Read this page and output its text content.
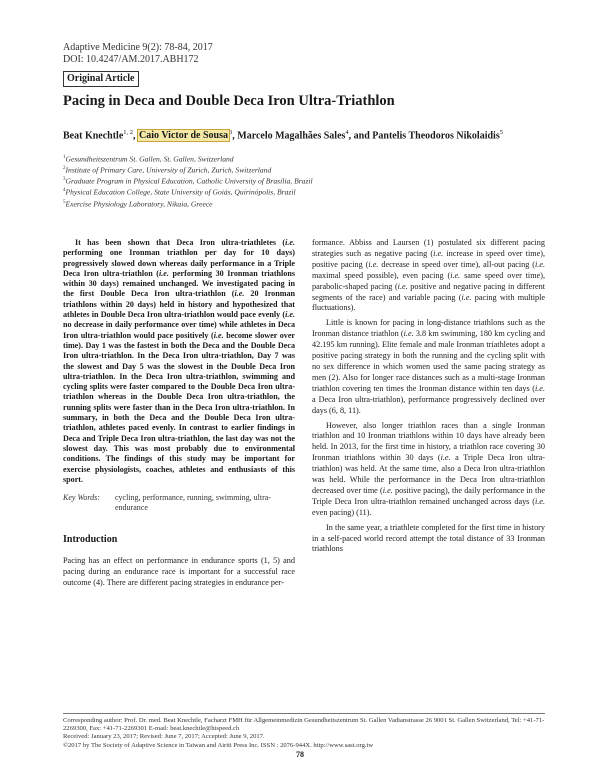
Adaptive Medicine 9(2): 78-84, 2017
DOI: 10.4247/AM.2017.ABH172
Original Article
Pacing in Deca and Double Deca Iron Ultra-Triathlon
Beat Knechtle$^{1, 2}$, Caio Victor de Sousa$^3$, Marcelo Magalhães Sales$^4$, and Pantelis Theodoros Nikolaidis$^5$
$^1$Gesundheitszentrum St. Gallen, St. Gallen, Switzerland
$^2$Institute of Primary Care, University of Zurich, Zurich, Switzerland
$^3$Graduate Program in Physical Education, Catholic University of Brasília, Brazil
$^4$Physical Education College, State University of Goiás, Quirinópolis, Brazil
$^5$Exercise Physiology Laboratory, Nikaia, Greece

It has been shown that Deca Iron ultra-triathletes (i.e. performing one Ironman triathlon per day for 10 days) progressively slowed down whereas daily performance in a Triple Deca Iron ultra-triathlon (i.e. performing 30 Ironman triathlons within 30 days) remained unchanged. We investigated pacing in the first Double Deca Iron ultra-triathlon (i.e. 20 Ironman triathlons within 20 days) held in history and hypothesized that athletes in Double Deca Iron ultra-triathlon would pace evenly (i.e. no decrease in daily performance over time) while athletes in Deca Iron ultra-triathlon would pace positively (i.e. become slower over time). Day 1 was the fastest in both the Deca and the Double Deca Iron ultra-triathlon. In the Deca Iron ultra-triathlon, Day 7 was the slowest and Day 5 was the slowest in the Double Deca Iron ultra-triathlon. In the Deca Iron ultra-triathlon, swimming and cycling splits were faster compared to the Double Deca Iron ultra-triathlon whereas in the Double Deca Iron ultra-triathlon, the running splits were faster than in the Deca Iron ultra-triathlon. In summary, in both the Deca and the Double Deca Iron ultra-triathlon, athletes paced evenly. In contrast to earlier findings in Deca and Triple Deca Iron ultra-triathlon, the last day was not the slowest day. This was most probably due to environmental conditions. The findings of this study may be important for exercise physiologists, coaches, athletes and enthusiasts of this sport.

Key Words:	cycling, performance, running, swimming, ultra-endurance
Introduction

Pacing has an effect on performance in endurance sports (1, 5) and pacing during an endurance race is important for a successful race outcome (4). There are different pacing strategies in endurance per-

formance. Abbiss and Laursen (1) postulated six different pacing strategies such as negative pacing (i.e. increase in speed over time), positive pacing (i.e. decrease in speed over time), all-out pacing (i.e. maximal speed possible), even pacing (i.e. same speed over time), parabolic-shaped pacing (i.e. positive and negative pacing in different segments of the race) and variable pacing (i.e. pacing with multiple fluctuations).

Little is known for pacing in long-distance triathlons such as the Ironman distance triathlon (i.e. 3.8 km swimming, 180 km cycling and 42.195 km running). Elite female and male Ironman triathletes adopt a positive pacing strategy in both the running and the cycling split with no sex difference in which women used the same pacing strategy as men (2). Also for longer race distances such as a multi-stage Ironman triathlon covering ten times the Ironman distance within ten days (i.e. a Deca Iron ultra-triathlon), performance progressively declined over days (6, 8, 11).

However, also longer triathlon races than a single Ironman triathlon and 10 Ironman triathlons within 10 days have already been held. In 2013, for the first time in history, a triathlon race covering 30 Ironman triathlons within 30 days (i.e. a Triple Deca Iron ultra-triathlon) was held. At the same time, also a Deca Iron ultra-triathlon was held. While the performance in the Deca Iron ultra-triathlon decreased over time (i.e. positive pacing), the daily performance in the Triple Deca Iron ultra-triathlon remained unchanged across days (i.e. even pacing) (11).

In the same year, a triathlete completed for the first time in history in a self-paced world record attempt the total distance of 33 Ironman triathlons

Corresponding author: Prof. Dr. med. Beat Knechtle, Facharzt FMH für Allgemeinmedizin Gesundheitszentrum St. Gallen Vadianstrasse 26 9001 St. Gallen Switzerland, Tel: +41-71-2269300, Fax: +41-71-2269301 E-mail: beat.knechtle@hispeed.ch
Received: January 23, 2017; Revised: June 7, 2017; Accepted: June 9, 2017.
©2017 by The Society of Adaptive Science in Taiwan and Airiti Press Inc. ISSN : 2076-944X. http://www.sast.org.tw
78
